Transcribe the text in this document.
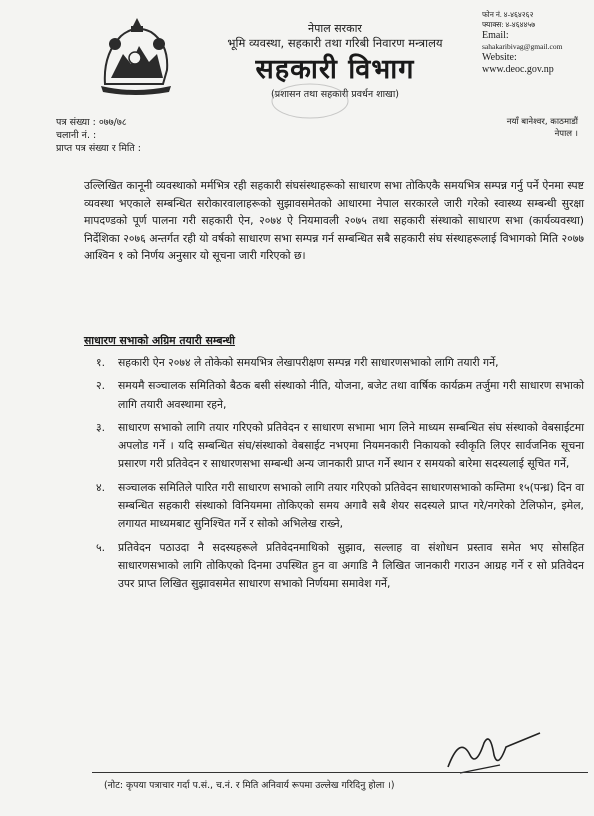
नेपाल सरकार
भूमि व्यवस्था, सहकारी तथा गरिबी निवारण मन्त्रालय
सहकारी विभाग
(प्रशासन तथा सहकारी प्रवर्धन शाखा)
फोन नं. ४-४६४२६२
फ्याक्स: ४-४६४४५७
Email:
sahakaribivag@gmail.com
Website:
www.deoc.gov.np
पत्र संख्या : ०७७/७८
चलानी नं. :
प्राप्त पत्र संख्या र मिति :
नयाँ बानेश्वर, काठमाडौं
नेपाल ।
उल्लिखित कानूनी व्यवस्थाको मर्मभित्र रही सहकारी संघसंस्थाहरूको साधारण सभा तोकिएकै समयभित्र सम्पन्न गर्नु पर्ने ऐनमा स्पष्ट व्यवस्था भएकाले सम्बन्धित सरोकारवालाहरूको सुझावसमेतको आधारमा नेपाल सरकारले जारी गरेको स्वास्थ्य सम्बन्धी सुरक्षा मापदण्डको पूर्ण पालना गरी सहकारी ऐन, २०७४ ऐ नियमावली २०७५ तथा सहकारी संस्थाको साधारण सभा (कार्यव्यवस्था) निर्देशिका २०७६ अन्तर्गत रही यो वर्षको साधारण सभा सम्पन्न गर्न सम्बन्धित सबै सहकारी संघ संस्थाहरूलाई विभागको मिति २०७७ आश्विन १ को निर्णय अनुसार यो सूचना जारी गरिएको छ।
साधारण सभाको अग्रिम तयारी सम्बन्धी
१. सहकारी ऐन २०७४ ले तोकेको समयभित्र लेखापरीक्षण सम्पन्न गरी साधारणसभाको लागि तयारी गर्ने,
२. समयमै सञ्चालक समितिको बैठक बसी संस्थाको नीति, योजना, बजेट तथा वार्षिक कार्यक्रम तर्जुमा गरी साधारण सभाको लागि तयारी अवस्थामा रहने,
३. साधारण सभाको लागि तयार गरिएको प्रतिवेदन र साधारण सभामा भाग लिने माध्यम सम्बन्धित संघ संस्थाको वेबसाईटमा अपलोड गर्ने । यदि सम्बन्धित संघ/संस्थाको वेबसाईट नभएमा नियमनकारी निकायको स्वीकृति लिएर सार्वजनिक सूचना प्रसारण गरी प्रतिवेदन र साधारणसभा सम्बन्धी अन्य जानकारी प्राप्त गर्ने स्थान र समयको बारेमा सदस्यलाई सूचित गर्ने,
४. सञ्चालक समितिले पारित गरी साधारण सभाको लागि तयार गरिएको प्रतिवेदन साधारणसभाको कम्तिमा १५(पन्ध्र) दिन वा सम्बन्धित सहकारी संस्थाको विनियममा तोकिएको समय अगावै सबै शेयर सदस्यले प्राप्त गरे/नगरेको टेलिफोन, इमेल, लगायत माध्यमबाट सुनिश्चित गर्ने र सोको अभिलेख राख्ने,
५. प्रतिवेदन पठाउदा नै सदस्यहरूले प्रतिवेदनमाथिको सुझाव, सल्लाह वा संशोधन प्रस्ताव समेत भए सोसहित साधारणसभाको लागि तोकिएको दिनमा उपस्थित हुन वा अगाडि नै लिखित जानकारी गराउन आग्रह गर्ने र सो प्रतिवेदन उपर प्राप्त लिखित सुझावसमेत साधारण सभाको निर्णयमा समावेश गर्ने,
(नोट: कृपया पत्राचार गर्दा प.सं., च.नं. र मिति अनिवार्य रूपमा उल्लेख गरिदिनु होला ।)
